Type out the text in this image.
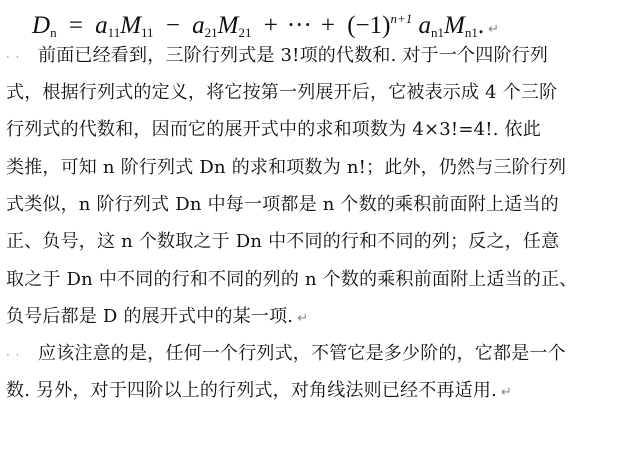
$D_n = a_{11}M_{11} - a_{21}M_{21}$ + ··· + $(-1)^{n+1}$ $a_{n1}M_{n1}$. ↵
· · 前面已经看到，三阶行列式是 3!项的代数和. 对于一个四阶行列
式，根据行列式的定义，将它按第一列展开后，它被表示成 4 个三阶
行列式的代数和，因而它的展开式中的求和项数为 4×3!=4!. 依此
类推，可知 n 阶行列式 Dn 的求和项数为 n!；此外，仍然与三阶行列
式类似，n 阶行列式 Dn 中每一项都是 n 个数的乘积前面附上适当的
正、负号，这 n 个数取之于 Dn 中不同的行和不同的列；反之，任意
取之于 Dn 中不同的行和不同的列的 n 个数的乘积前面附上适当的正、
负号后都是 D 的展开式中的某一项. ↵
· · 应该注意的是，任何一个行列式，不管它是多少阶的，它都是一个
数. 另外，对于四阶以上的行列式，对角线法则已经不再适用. ↵
